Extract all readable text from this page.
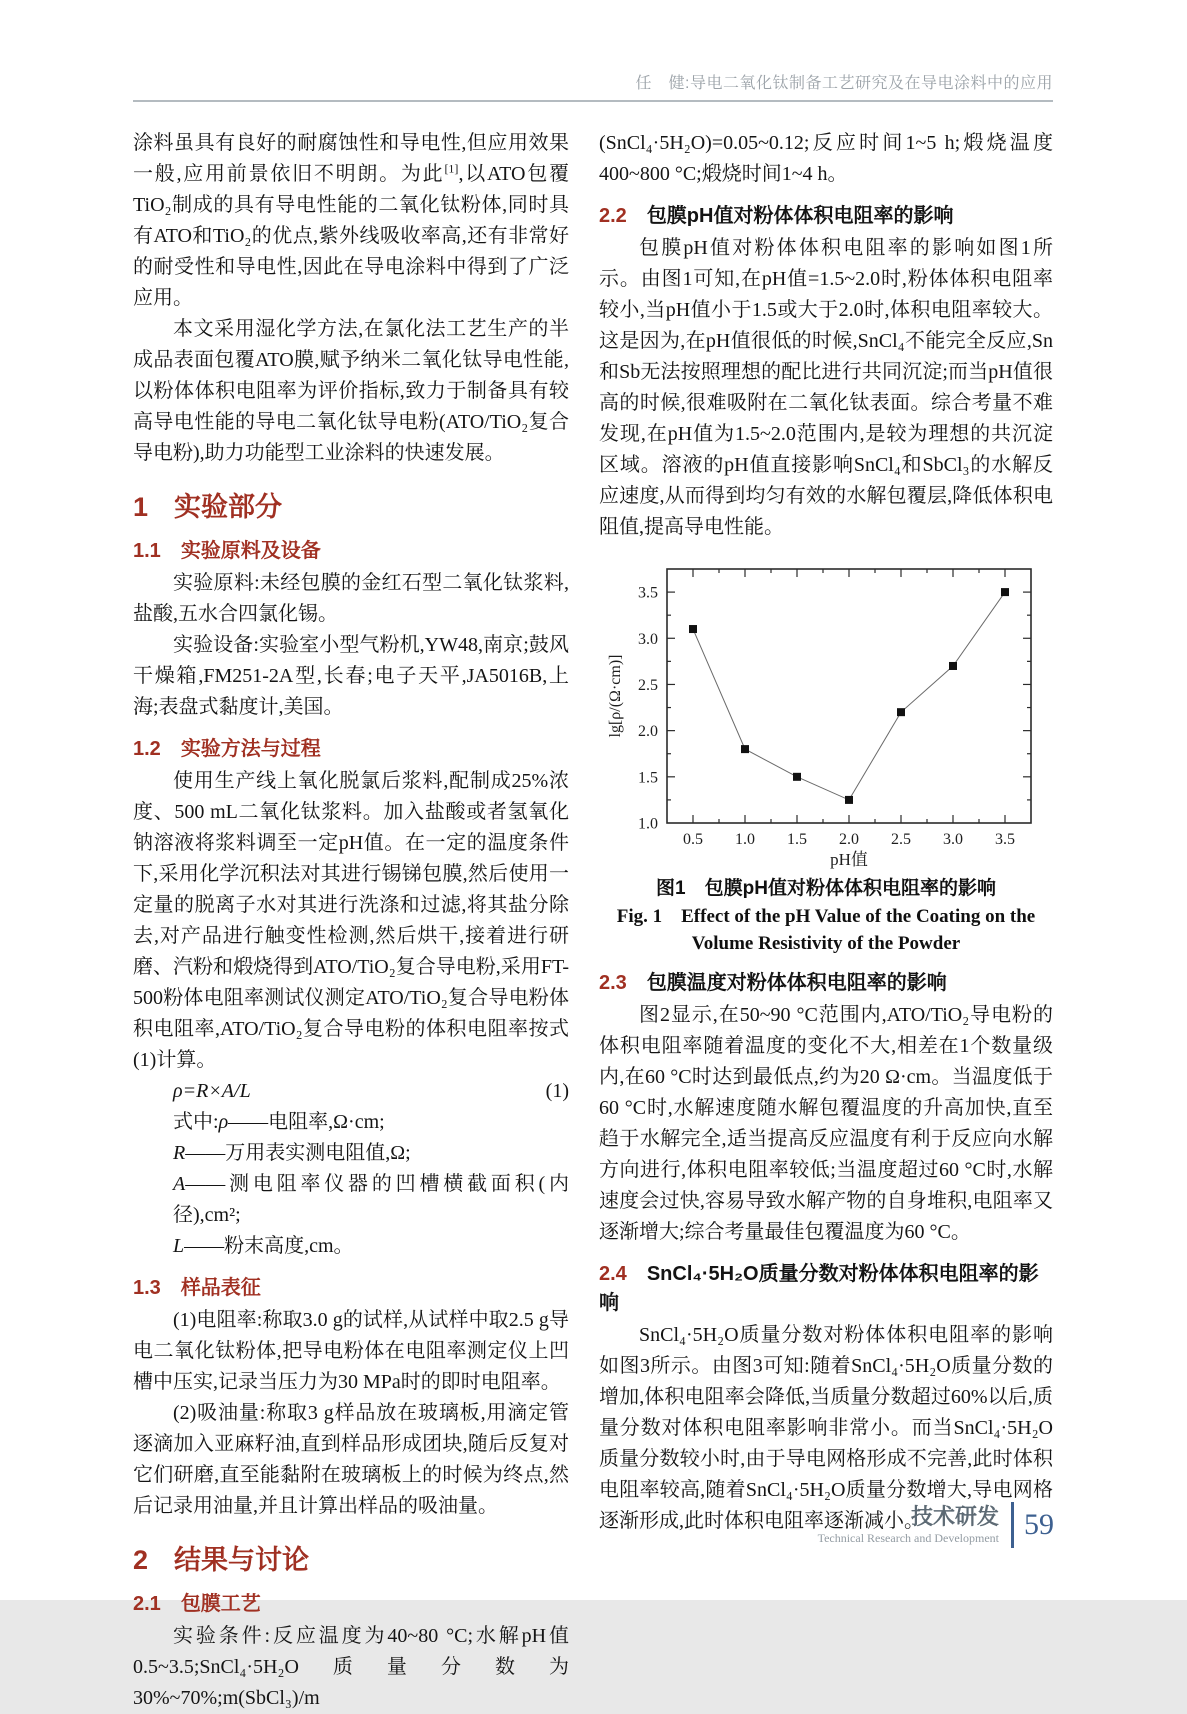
任　健:导电二氧化钛制备工艺研究及在导电涂料中的应用

涂料虽具有良好的耐腐蚀性和导电性,但应用效果一般,应用前景依旧不明朗。为此[1],以ATO包覆TiO₂制成的具有导电性能的二氧化钛粉体,同时具有ATO和TiO₂的优点,紫外线吸收率高,还有非常好的耐受性和导电性,因此在导电涂料中得到了广泛应用。

本文采用湿化学方法,在氯化法工艺生产的半成品表面包覆ATO膜,赋予纳米二氧化钛导电性能,以粉体体积电阻率为评价指标,致力于制备具有较高导电性能的导电二氧化钛导电粉(ATO/TiO₂复合导电粉),助力功能型工业涂料的快速发展。

1 实验部分
1.1 实验原料及设备

实验原料:未经包膜的金红石型二氧化钛浆料,盐酸,五水合四氯化锡。

实验设备:实验室小型气粉机,YW48,南京;鼓风干燥箱,FM251-2A型,长春;电子天平,JA5016B,上海;表盘式黏度计,美国。

1.2 实验方法与过程

使用生产线上氧化脱氯后浆料,配制成25%浓度、500 mL二氧化钛浆料。加入盐酸或者氢氧化钠溶液将浆料调至一定pH值。在一定的温度条件下,采用化学沉积法对其进行锡锑包膜,然后使用一定量的脱离子水对其进行洗涤和过滤,将其盐分除去,对产品进行触变性检测,然后烘干,接着进行研磨、汽粉和煅烧得到ATO/TiO₂复合导电粉,采用FT-500粉体电阻率测试仪测定ATO/TiO₂复合导电粉体积电阻率,ATO/TiO₂复合导电粉的体积电阻率按式(1)计算。

ρ=R×A/L	(1)
式中:ρ——电阻率,Ω·cm;
R——万用表实测电阻值,Ω;
A——测电阻率仪器的凹槽横截面积(内径),cm²;
L——粉末高度,cm。
1.3 样品表征

(1)电阻率:称取3.0 g的试样,从试样中取2.5 g导电二氧化钛粉体,把导电粉体在电阻率测定仪上凹槽中压实,记录当压力为30 MPa时的即时电阻率。

(2)吸油量:称取3 g样品放在玻璃板,用滴定管逐滴加入亚麻籽油,直到样品形成团块,随后反复对它们研磨,直至能黏附在玻璃板上的时候为终点,然后记录用油量,并且计算出样品的吸油量。

2 结果与讨论
2.1 包膜工艺

实验条件:反应温度为40~80 °C;水解pH值0.5~3.5;SnCl₄·5H₂O质量分数为30%~70%;m(SbCl₃)/m

(SnCl₄·5H₂O)=0.05~0.12;反应时间1~5 h;煅烧温度400~800 °C;煅烧时间1~4 h。

2.2 包膜pH值对粉体体积电阻率的影响

包膜pH值对粉体体积电阻率的影响如图1所示。由图1可知,在pH值=1.5~2.0时,粉体体积电阻率较小,当pH值小于1.5或大于2.0时,体积电阻率较大。这是因为,在pH值很低的时候,SnCl₄不能完全反应,Sn和Sb无法按照理想的配比进行共同沉淀;而当pH值很高的时候,很难吸附在二氧化钛表面。综合考量不难发现,在pH值为1.5~2.0范围内,是较为理想的共沉淀区域。溶液的pH值直接影响SnCl₄和SbCl₃的水解反应速度,从而得到均匀有效的水解包覆层,降低体积电阻值,提高导电性能。

0.5 1.0 1.5 2.0 2.5 3.0 3.5
1.0
1.5
2.0
2.5
3.0
3.5
pH值
lg[ρ/(Ω·cm)]
图1　包膜pH值对粉体体积电阻率的影响
Fig. 1　Effect of the pH Value of the Coating on the
Volume Resistivity of the Powder
2.3 包膜温度对粉体体积电阻率的影响

图2显示,在50~90 °C范围内,ATO/TiO₂导电粉的体积电阻率随着温度的变化不大,相差在1个数量级内,在60 °C时达到最低点,约为20 Ω·cm。当温度低于60 °C时,水解速度随水解包覆温度的升高加快,直至趋于水解完全,适当提高反应温度有利于反应向水解方向进行,体积电阻率较低;当温度超过60 °C时,水解速度会过快,容易导致水解产物的自身堆积,电阻率又逐渐增大;综合考量最佳包覆温度为60 °C。

2.4 SnCl₄·5H₂O质量分数对粉体体积电阻率的影响

SnCl₄·5H₂O质量分数对粉体体积电阻率的影响如图3所示。由图3可知:随着SnCl₄·5H₂O质量分数的增加,体积电阻率会降低,当质量分数超过60%以后,质量分数对体积电阻率影响非常小。而当SnCl₄·5H₂O质量分数较小时,由于导电网格形成不完善,此时体积电阻率较高,随着SnCl₄·5H₂O质量分数增大,导电网格逐渐形成,此时体积电阻率逐渐减小。

技术研发
Technical Research and Development 59
